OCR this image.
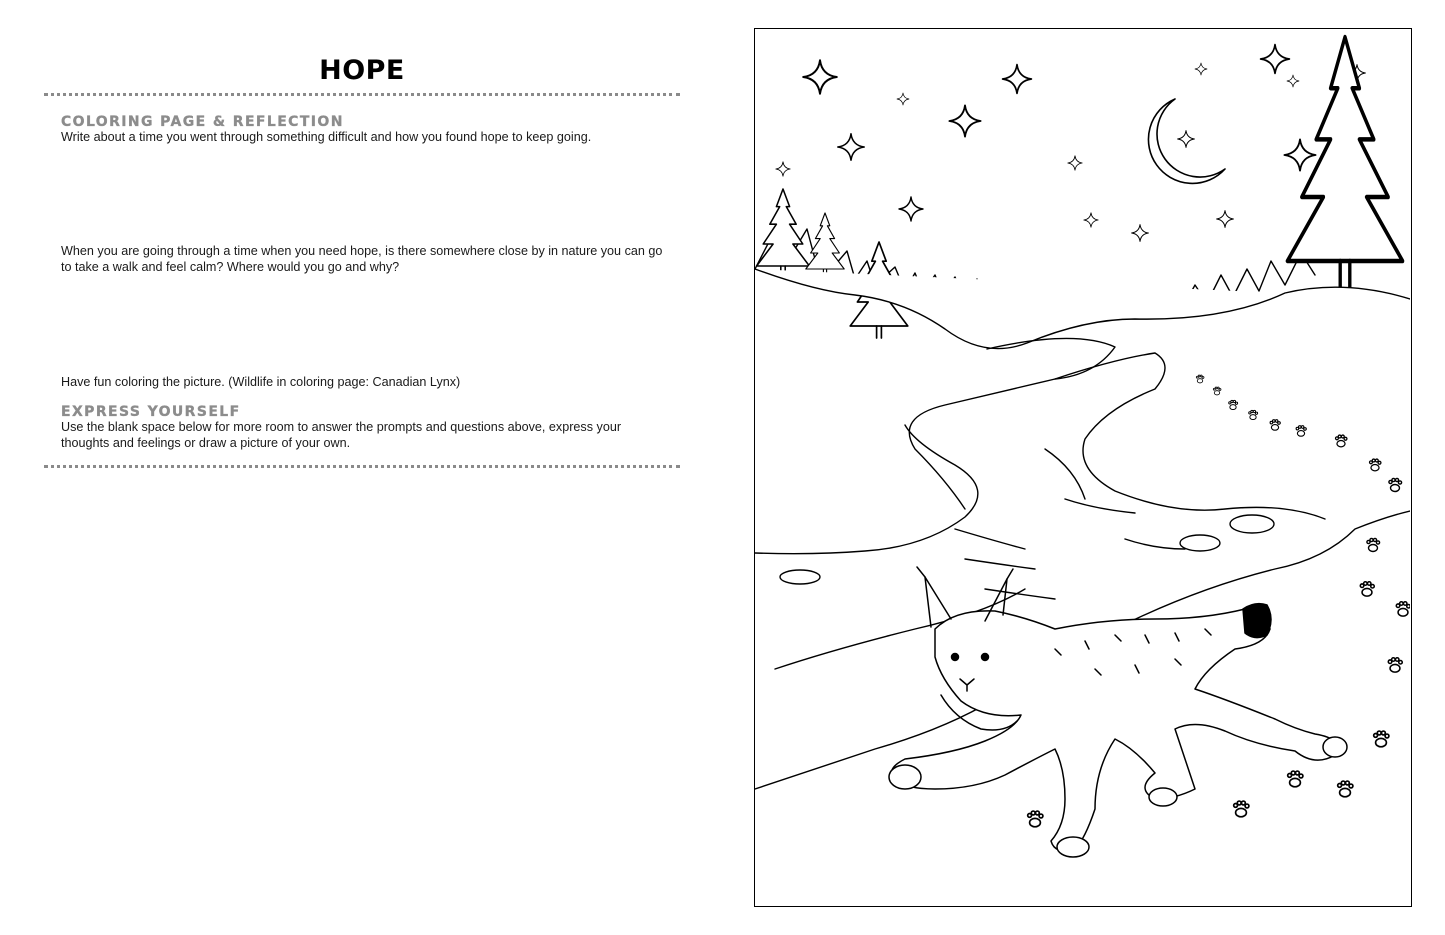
HOPE
COLORING PAGE & REFLECTION

Write about a time you went through something difficult and how you found hope to keep going.

When you are going through a time when you need hope, is there somewhere close by in nature you can go to take a walk and feel calm? Where would you go and why?

Have fun coloring the picture. (Wildlife in coloring page: Canadian Lynx)

EXPRESS YOURSELF

Use the blank space below for more room to answer the prompts and questions above, express your thoughts and feelings or draw a picture of your own.
